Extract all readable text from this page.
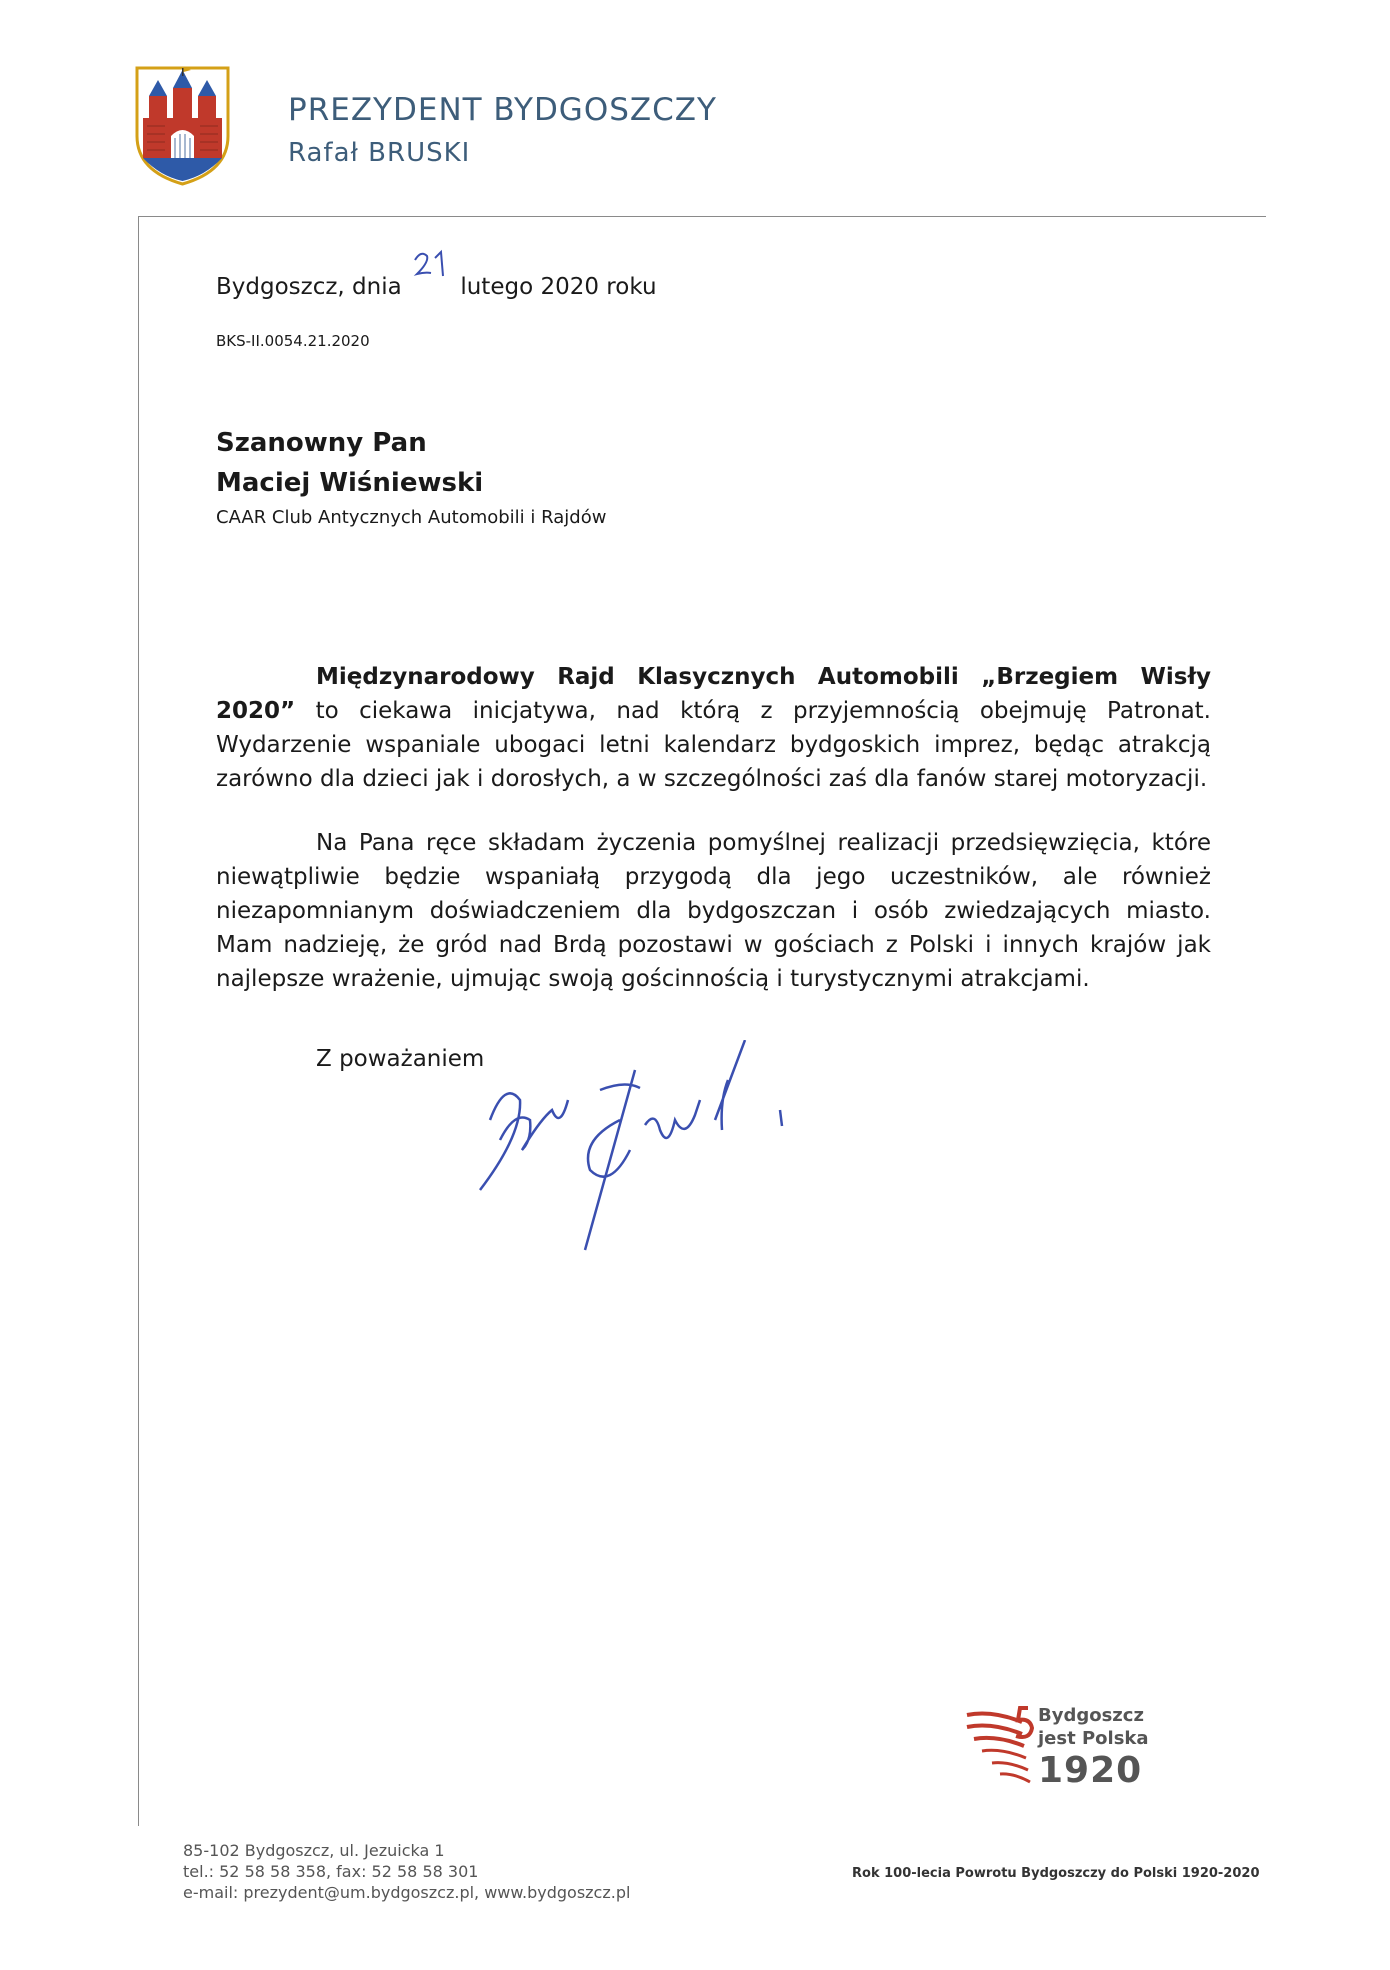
PREZYDENT BYDGOSZCZY
Rafał BRUSKI
Bydgoszcz, dnia	lutego 2020 roku
BKS-II.0054.21.2020
Szanowny Pan
Maciej Wiśniewski
CAAR Club Antycznych Automobili i Rajdów

Międzynarodowy Rajd Klasycznych Automobili „Brzegiem Wisły 2020” to ciekawa inicjatywa, nad którą z przyjemnością obejmuję Patronat. Wydarzenie wspaniale ubogaci letni kalendarz bydgoskich imprez, będąc atrakcją zarówno dla dzieci jak i dorosłych, a w szczególności zaś dla fanów starej motoryzacji.

Na Pana ręce składam życzenia pomyślnej realizacji przedsięwzięcia, które niewątpliwie będzie wspaniałą przygodą dla jego uczestników, ale również niezapomnianym doświadczeniem dla bydgoszczan i osób zwiedzających miasto. Mam nadzieję, że gród nad Brdą pozostawi w gościach z Polski i innych krajów jak najlepsze wrażenie, ujmując swoją gościnnością i turystycznymi atrakcjami.

Z poważaniem
85-102 Bydgoszcz, ul. Jezuicka 1
tel.: 52 58 58 358, fax: 52 58 58 301
e-mail: prezydent@um.bydgoszcz.pl, www.bydgoszcz.pl
Bydgoszcz
jest Polska
1920
Rok 100-lecia Powrotu Bydgoszczy do Polski 1920-2020
